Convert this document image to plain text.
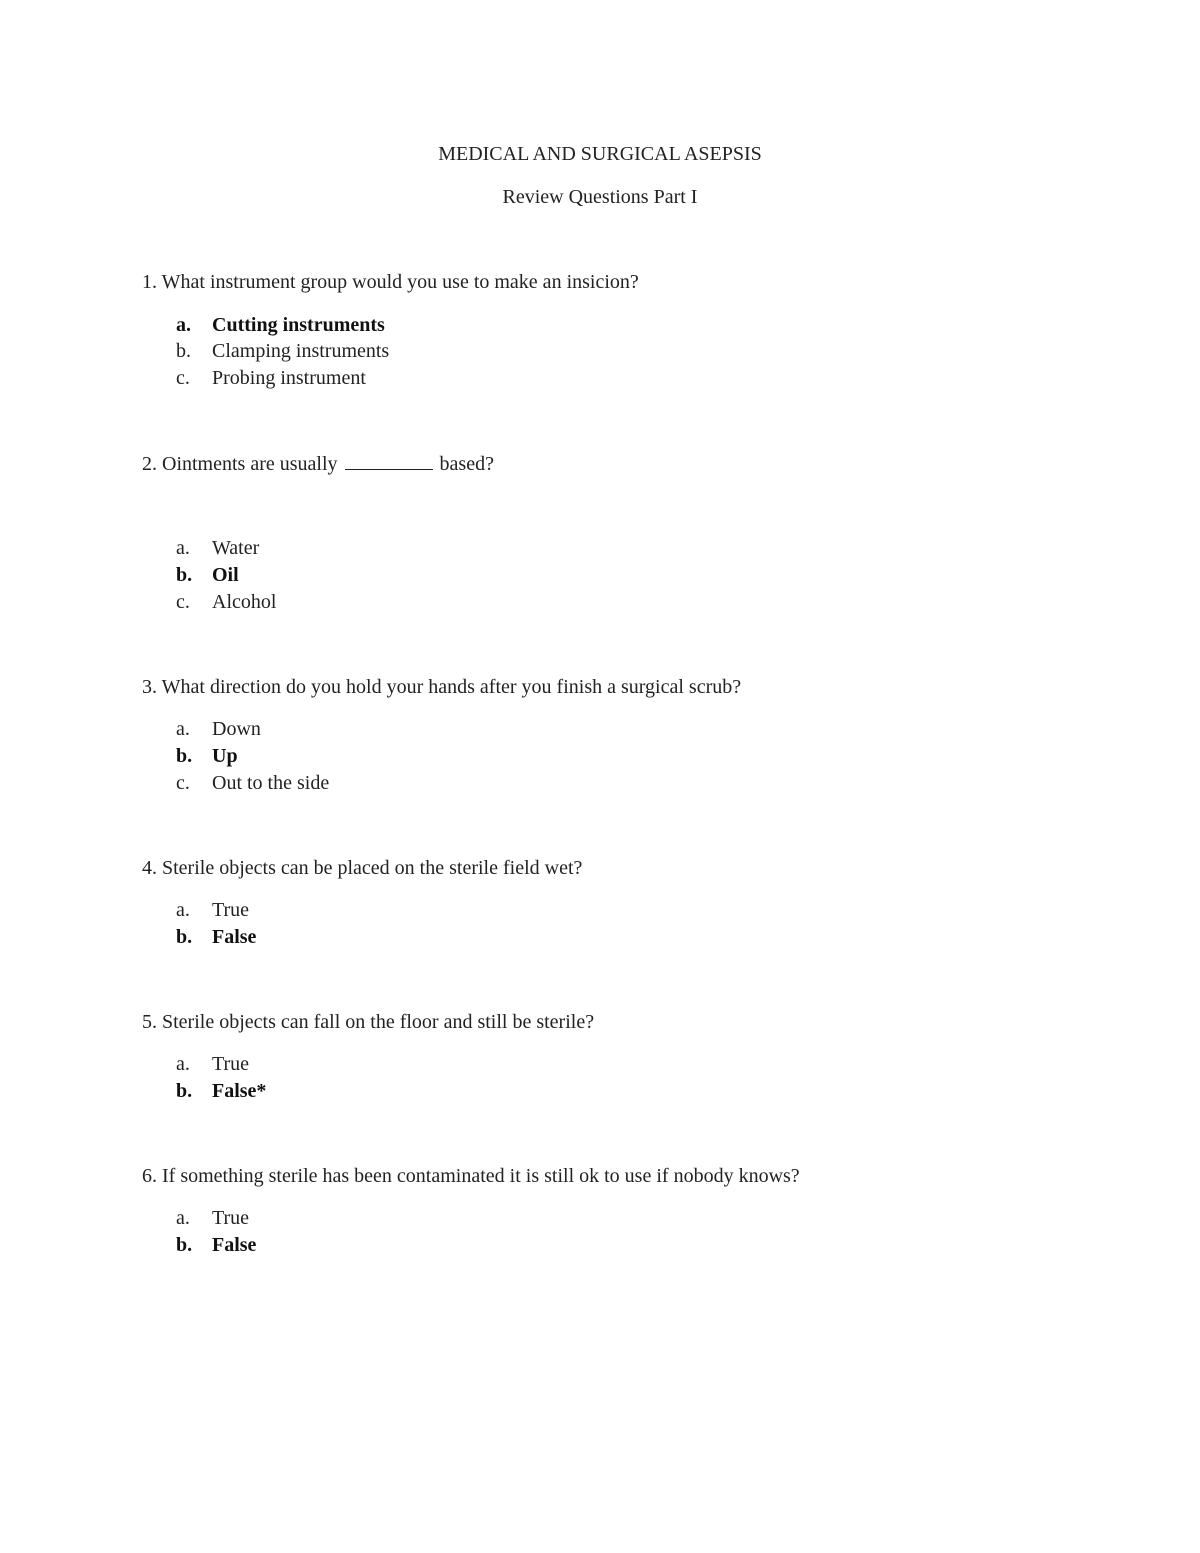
MEDICAL AND SURGICAL ASEPSIS
Review Questions Part I
1. What instrument group would you use to make an insicion?
a. Cutting instruments
b. Clamping instruments
c. Probing instrument
2. Ointments are usually	based?
a. Water
b. Oil
c. Alcohol
3. What direction do you hold your hands after you finish a surgical scrub?
a. Down
b. Up
c. Out to the side
4. Sterile objects can be placed on the sterile field wet?
a. True
b. False
5. Sterile objects can fall on the floor and still be sterile?
a. True
b. False*
6. If something sterile has been contaminated it is still ok to use if nobody knows?
a. True
b. False
